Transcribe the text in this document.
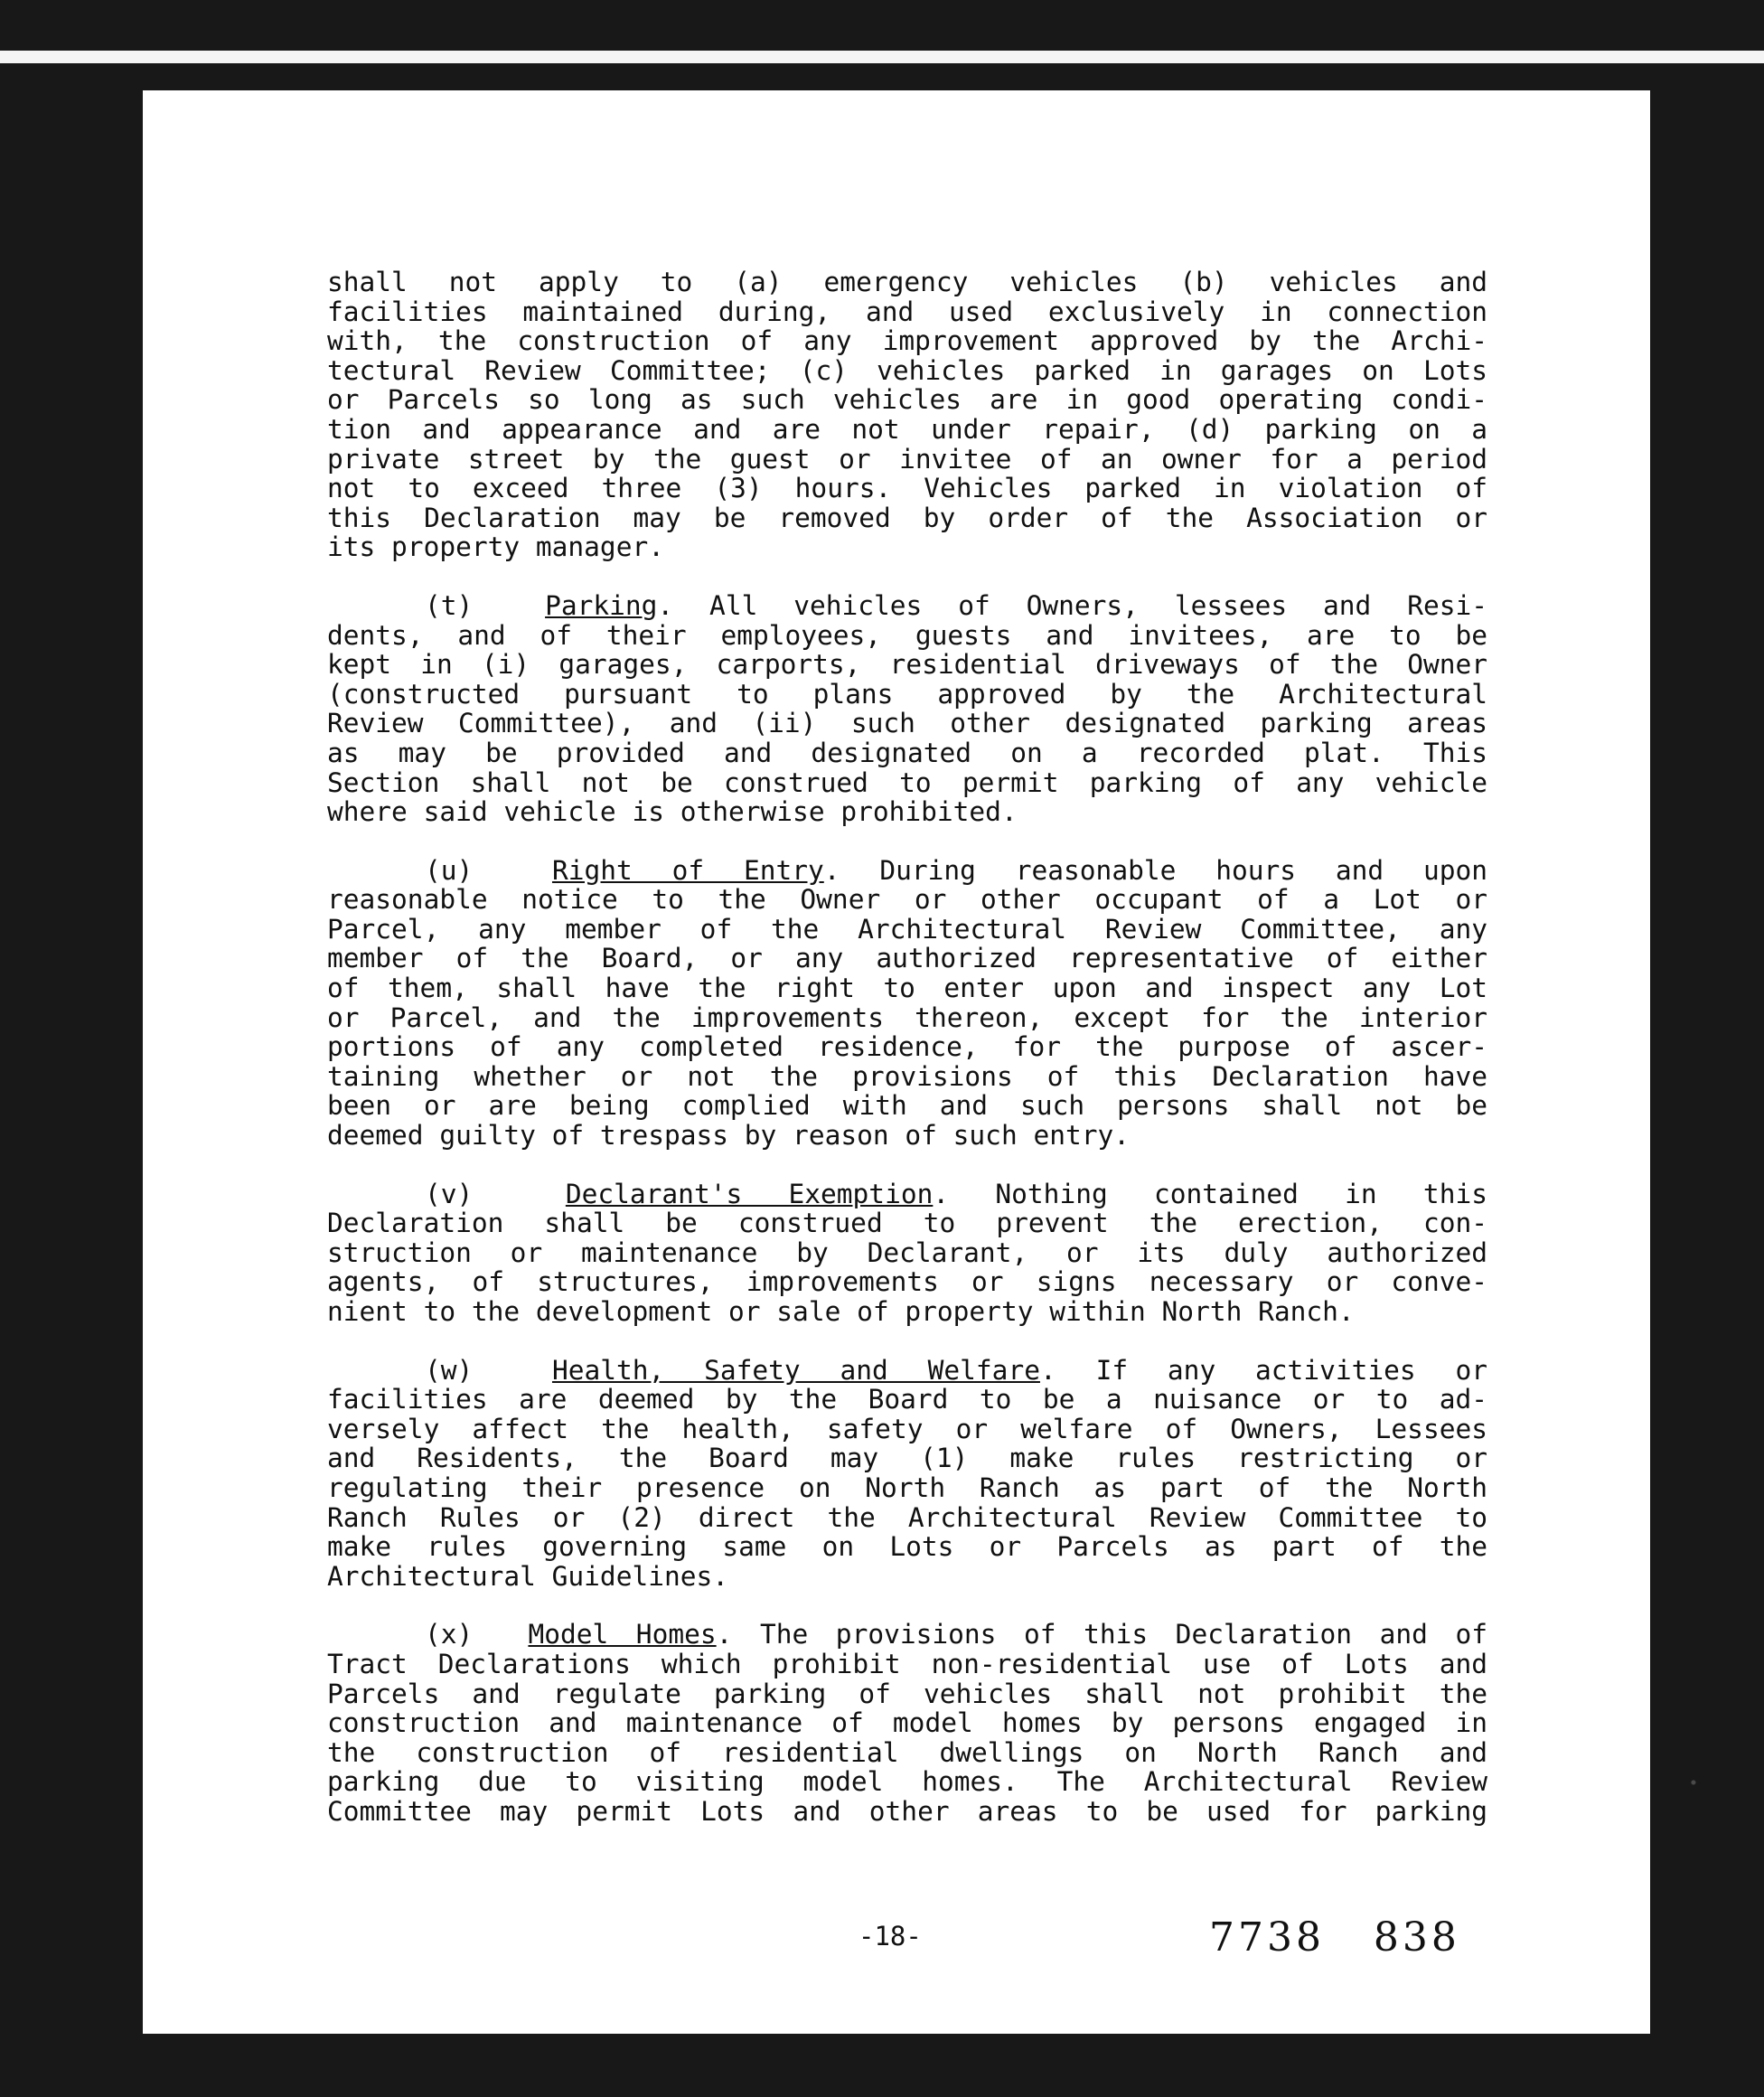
shall not apply to (a) emergency vehicles (b) vehicles and
facilities maintained during, and used exclusively in connection
with, the construction of any improvement approved by the Archi-
tectural Review Committee; (c) vehicles parked in garages on Lots
or Parcels so long as such vehicles are in good operating condi-
tion and appearance and are not under repair, (d) parking on a
private street by the guest or invitee of an owner for a period
not to exceed three (3) hours. Vehicles parked in violation of
this Declaration may be removed by order of the Association or
its property manager.
(t)	Parking. All vehicles of Owners, lessees and Resi-
dents, and of their employees, guests and invitees, are to be
kept in (i) garages, carports, residential driveways of the Owner
(constructed pursuant to plans approved by the Architectural
Review Committee), and (ii) such other designated parking areas
as may be provided and designated on a recorded plat. This
Section shall not be construed to permit parking of any vehicle
where said vehicle is otherwise prohibited.
(u)	Right of Entry. During reasonable hours and upon
reasonable notice to the Owner or other occupant of a Lot or
Parcel, any member of the Architectural Review Committee, any
member of the Board, or any authorized representative of either
of them, shall have the right to enter upon and inspect any Lot
or Parcel, and the improvements thereon, except for the interior
portions of any completed residence, for the purpose of ascer-
taining whether or not the provisions of this Declaration have
been or are being complied with and such persons shall not be
deemed guilty of trespass by reason of such entry.
(v)	Declarant's Exemption. Nothing contained in this
Declaration shall be construed to prevent the erection, con-
struction or maintenance by Declarant, or its duly authorized
agents, of structures, improvements or signs necessary or conve-
nient to the development or sale of property within North Ranch.
(w)	Health, Safety and Welfare. If any activities or
facilities are deemed by the Board to be a nuisance or to ad-
versely affect the health, safety or welfare of Owners, Lessees
and Residents, the Board may (1) make rules restricting or
regulating their presence on North Ranch as part of the North
Ranch Rules or (2) direct the Architectural Review Committee to
make rules governing same on Lots or Parcels as part of the
Architectural Guidelines.
(x) Model Homes. The provisions of this Declaration and of
Tract Declarations which prohibit non-residential use of Lots and
Parcels and regulate parking of vehicles shall not prohibit the
construction and maintenance of model homes by persons engaged in
the construction of residential dwellings on North Ranch and
parking due to visiting model homes. The Architectural Review
Committee may permit Lots and other areas to be used for parking
-18-	7738   838
